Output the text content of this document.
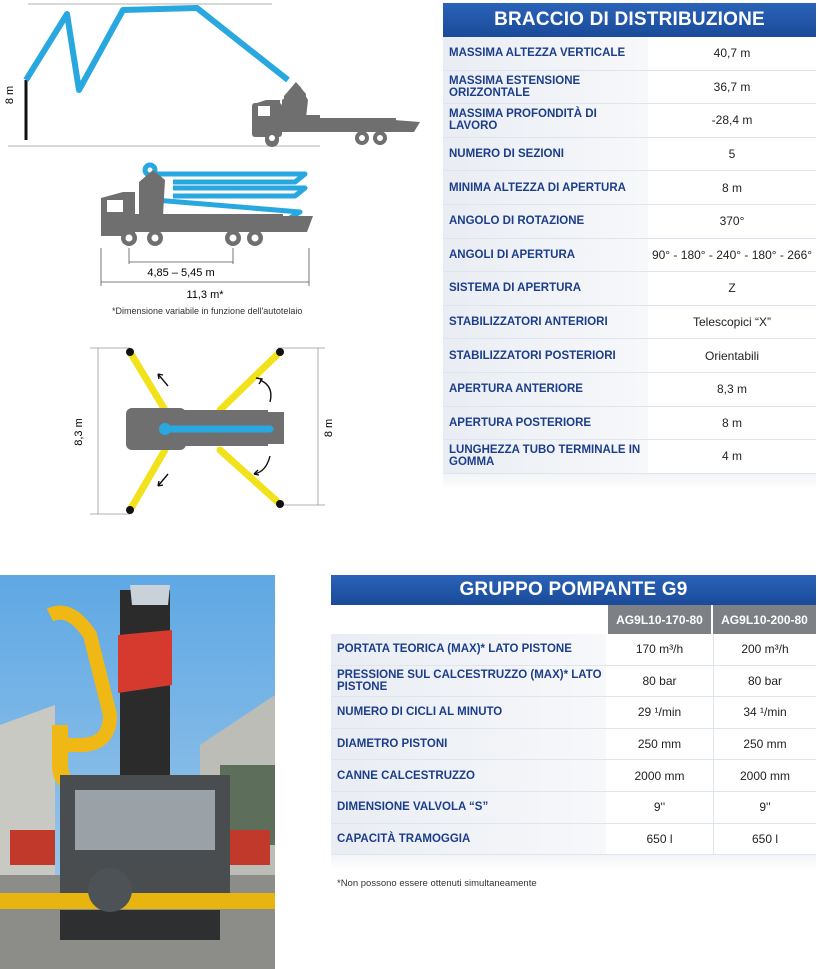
8 m
4,85 – 5,45 m
11,3 m*
*Dimensione variabile in funzione dell'autotelaio
8,3 m	8 m
BRACCIO DI DISTRIBUZIONE
MASSIMA ALTEZZA VERTICALE	40,7 m
MASSIMA ESTENSIONE ORIZZONTALE	36,7 m
MASSIMA PROFONDITÀ DI LAVORO	-28,4 m
NUMERO DI SEZIONI	5
MINIMA ALTEZZA DI APERTURA	8 m
ANGOLO DI ROTAZIONE	370°
ANGOLI DI APERTURA	90° - 180° - 240° - 180° - 266°
SISTEMA DI APERTURA	Z
STABILIZZATORI ANTERIORI	Telescopici “X”
STABILIZZATORI POSTERIORI	Orientabili
APERTURA ANTERIORE	8,3 m
APERTURA POSTERIORE	8 m
LUNGHEZZA TUBO TERMINALE IN GOMMA	4 m
GRUPPO POMPANTE G9
AG9L10-170-80	AG9L10-200-80
PORTATA TEORICA (MAX)* LATO PISTONE	170 m³/h	200 m³/h
PRESSIONE SUL CALCESTRUZZO (MAX)* LATO PISTONE	80 bar	80 bar
NUMERO DI CICLI AL MINUTO	29 ¹/min	34 ¹/min
DIAMETRO PISTONI	250 mm	250 mm
CANNE CALCESTRUZZO	2000 mm	2000 mm
DIMENSIONE VALVOLA “S”	9''	9''
CAPACITÀ TRAMOGGIA	650 l	650 l
*Non possono essere ottenuti simultaneamente
